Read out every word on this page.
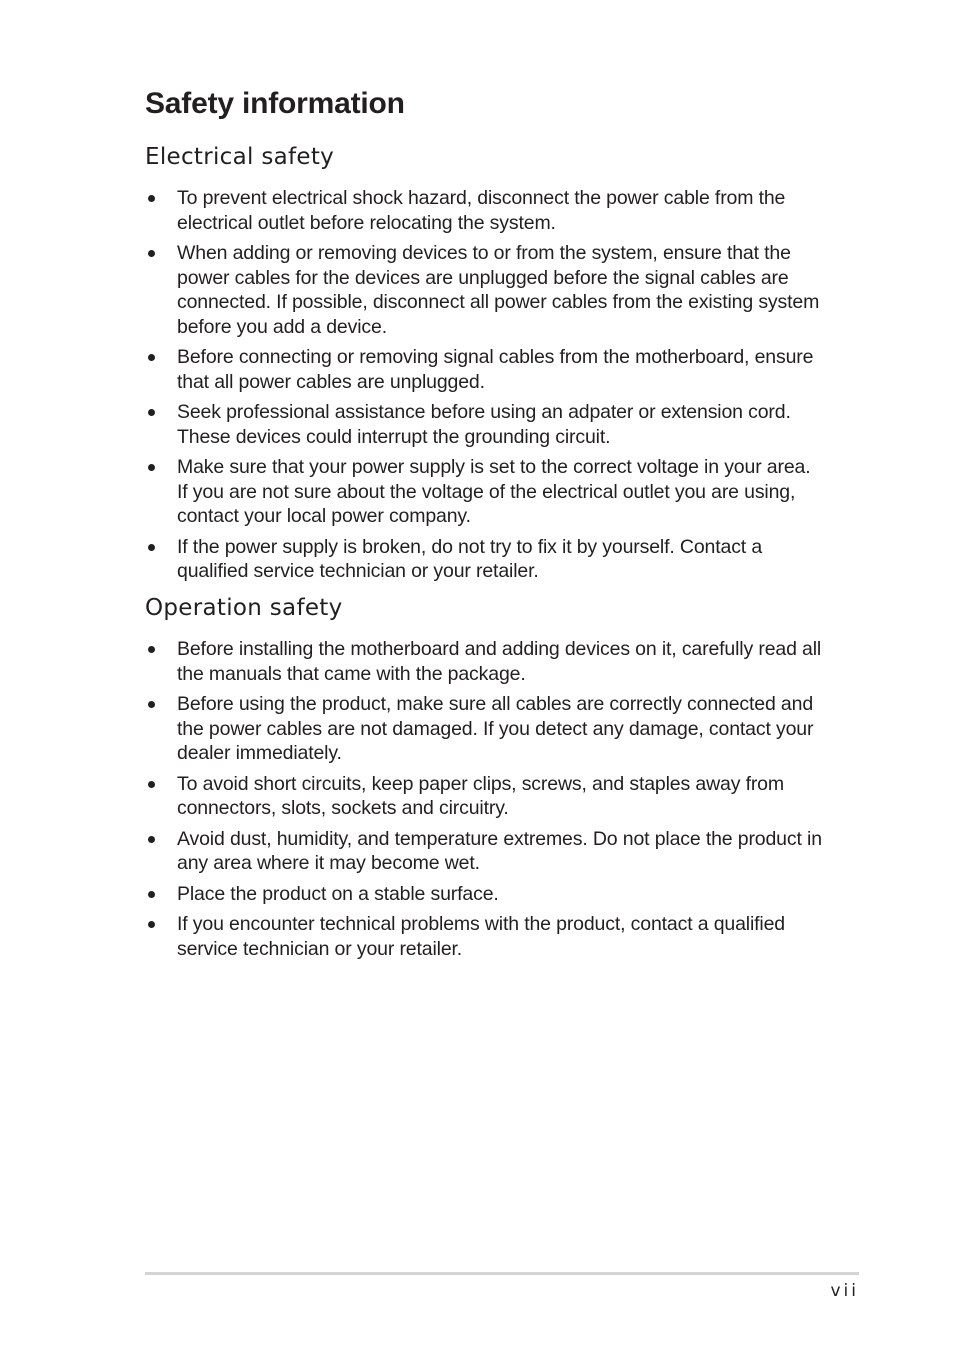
Safety information
Electrical safety
To prevent electrical shock hazard, disconnect the power cable from the electrical outlet before relocating the system.
When adding or removing devices to or from the system, ensure that the power cables for the devices are unplugged before the signal cables are connected. If possible, disconnect all power cables from the existing system before you add a device.
Before connecting or removing signal cables from the motherboard, ensure that all power cables are unplugged.
Seek professional assistance before using an adpater or extension cord. These devices could interrupt the grounding circuit.
Make sure that your power supply is set to the correct voltage in your area. If you are not sure about the voltage of the electrical outlet you are using, contact your local power company.
If the power supply is broken, do not try to fix it by yourself. Contact a qualified service technician or your retailer.
Operation safety
Before installing the motherboard and adding devices on it, carefully read all the manuals that came with the package.
Before using the product, make sure all cables are correctly connected and the power cables are not damaged. If you detect any damage, contact your dealer immediately.
To avoid short circuits, keep paper clips, screws, and staples away from connectors, slots, sockets and circuitry.
Avoid dust, humidity, and temperature extremes. Do not place the product in any area where it may become wet.
Place the product on a stable surface.
If you encounter technical problems with the product, contact a qualified service technician or your retailer.
vii
